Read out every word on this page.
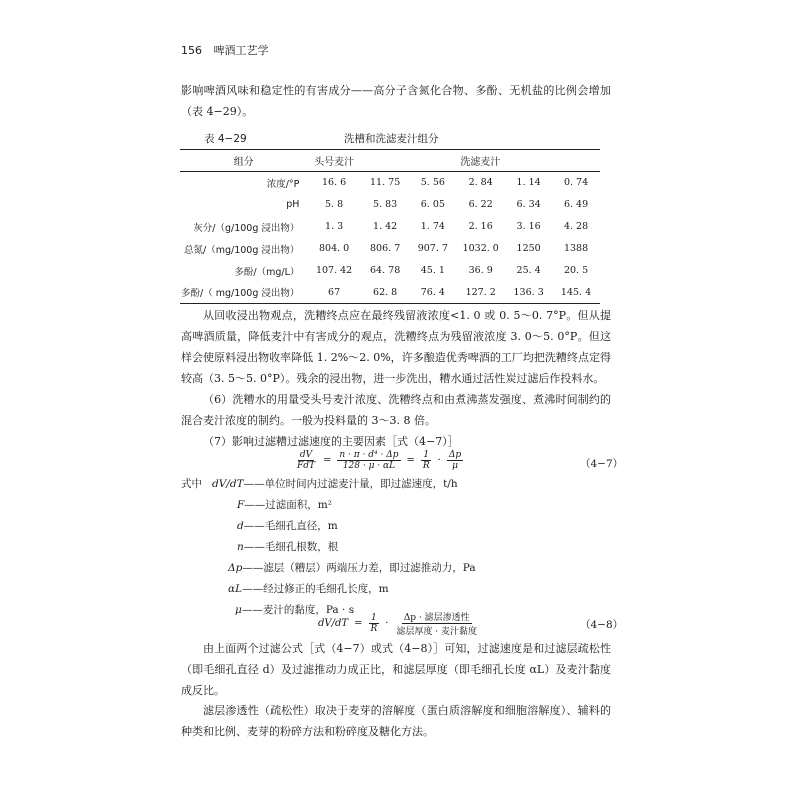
156 啤酒工艺学
影响啤酒风味和稳定性的有害成分——高分子含氮化合物、多酚、无机盐的比例会增加（表 4−29）。
表 4−29	洗槽和洗滤麦汁组分
组分	头号麦汁	洗滤麦汁				
浓度/°P	16. 6	11. 75	5. 56	2. 84	1. 14	0. 74
pH	5. 8	5. 83	6. 05	6. 22	6. 34	6. 49
灰分/（g/100g 浸出物）	1. 3	1. 42	1. 74	2. 16	3. 16	4. 28
总氮/（mg/100g 浸出物）	804. 0	806. 7	907. 7	1032. 0	1250	1388
多酚/（mg/L）	107. 42	64. 78	45. 1	36. 9	25. 4	20. 5
多酚/（ mg/100g 浸出物）	67	62. 8	76. 4	127. 2	136. 3	145. 4
从回收浸出物观点，洗糟终点应在最终残留液浓度<1. 0 或 0. 5～0. 7°P。但从提高啤酒质量，降低麦汁中有害成分的观点，洗糟终点为残留液浓度 3. 0～5. 0°P。但这样会使原料浸出物收率降低 1. 2%～2. 0%，许多酿造优秀啤酒的工厂均把洗糟终点定得较高（3. 5～5. 0°P）。残余的浸出物，进一步洗出，糟水通过活性炭过滤后作投料水。
（6）洗糟水的用量受头号麦汁浓度、洗糟终点和由煮沸蒸发强度、煮沸时间制约的混合麦汁浓度的制约。一般为投料量的 3～3. 8 倍。
（7）影响过滤糟过滤速度的主要因素［式（4−7）］
$\frac{dV}{\text{FdT}} = \frac{\text{n · π · d⁴ · Δp}}{128 \cdot \mu \cdot \alpha L} = \frac{1}{R} \cdot \frac{\Delta p}{\mu}$	（4−7）
式中 dV/dT——单位时间内过滤麦汁量，即过滤速度，t/h
F——过滤面积，m²
d——毛细孔直径，m
n——毛细孔根数，根
Δp——滤层（糟层）两端压力差，即过滤推动力，Pa
αL——经过修正的毛细孔长度，m
μ——麦汁的黏度，Pa · s
$dV/dT = \frac{1}{R} \cdot \frac{\text{Δp · 滤层渗透性}}{\text{滤层厚度 · 麦汁黏度}}$	（4−8）
由上面两个过滤公式［式（4−7）或式（4−8）］可知，过滤速度是和过滤层疏松性（即毛细孔直径 d）及过滤推动力成正比，和滤层厚度（即毛细孔长度 αL）及麦汁黏度成反比。
滤层渗透性（疏松性）取决于麦芽的溶解度（蛋白质溶解度和细胞溶解度）、辅料的种类和比例、麦芽的粉碎方法和粉碎度及糖化方法。
